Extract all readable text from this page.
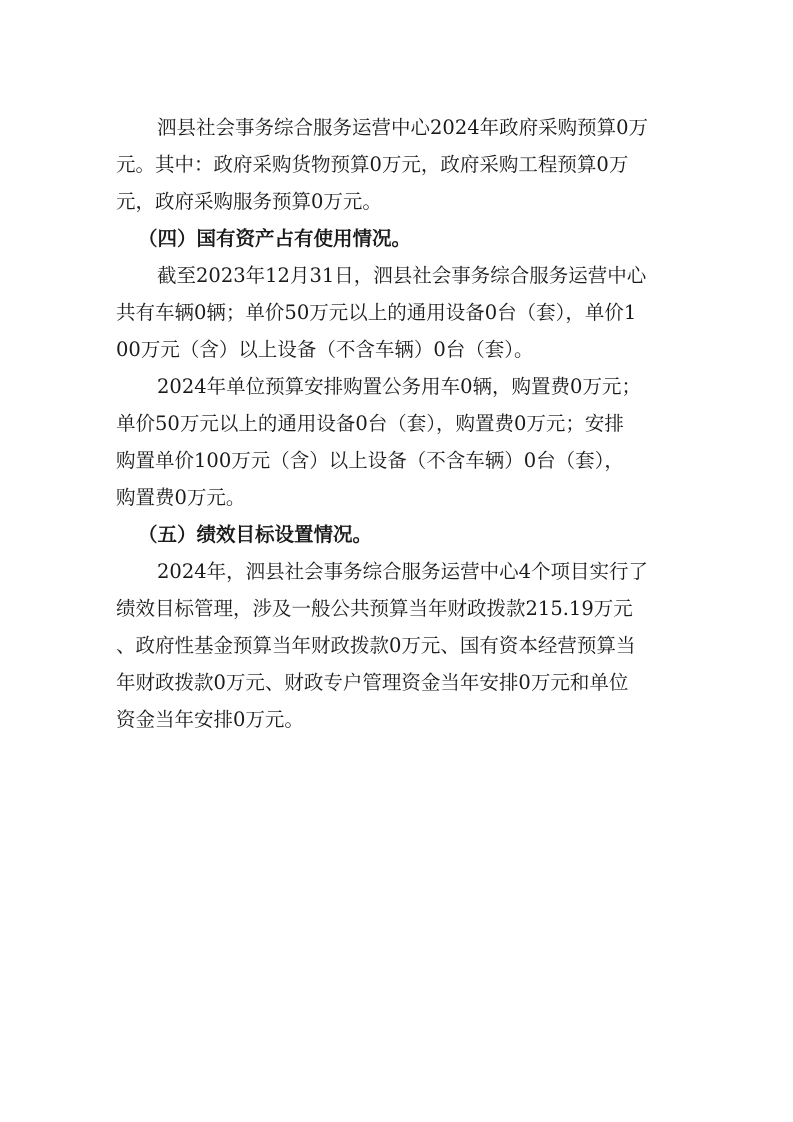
泗县社会事务综合服务运营中心2024年政府采购预算0万
元。其中：政府采购货物预算0万元，政府采购工程预算0万
元，政府采购服务预算0万元。
（四）国有资产占有使用情况。
截至2023年12月31日，泗县社会事务综合服务运营中心
共有车辆0辆；单价50万元以上的通用设备0台（套），单价1
00万元（含）以上设备（不含车辆）0台（套）。
2024年单位预算安排购置公务用车0辆，购置费0万元；
单价50万元以上的通用设备0台（套），购置费0万元；安排
购置单价100万元（含）以上设备（不含车辆）0台（套），
购置费0万元。
（五）绩效目标设置情况。
2024年，泗县社会事务综合服务运营中心4个项目实行了
绩效目标管理，涉及一般公共预算当年财政拨款215.19万元
、政府性基金预算当年财政拨款0万元、国有资本经营预算当
年财政拨款0万元、财政专户管理资金当年安排0万元和单位
资金当年安排0万元。
